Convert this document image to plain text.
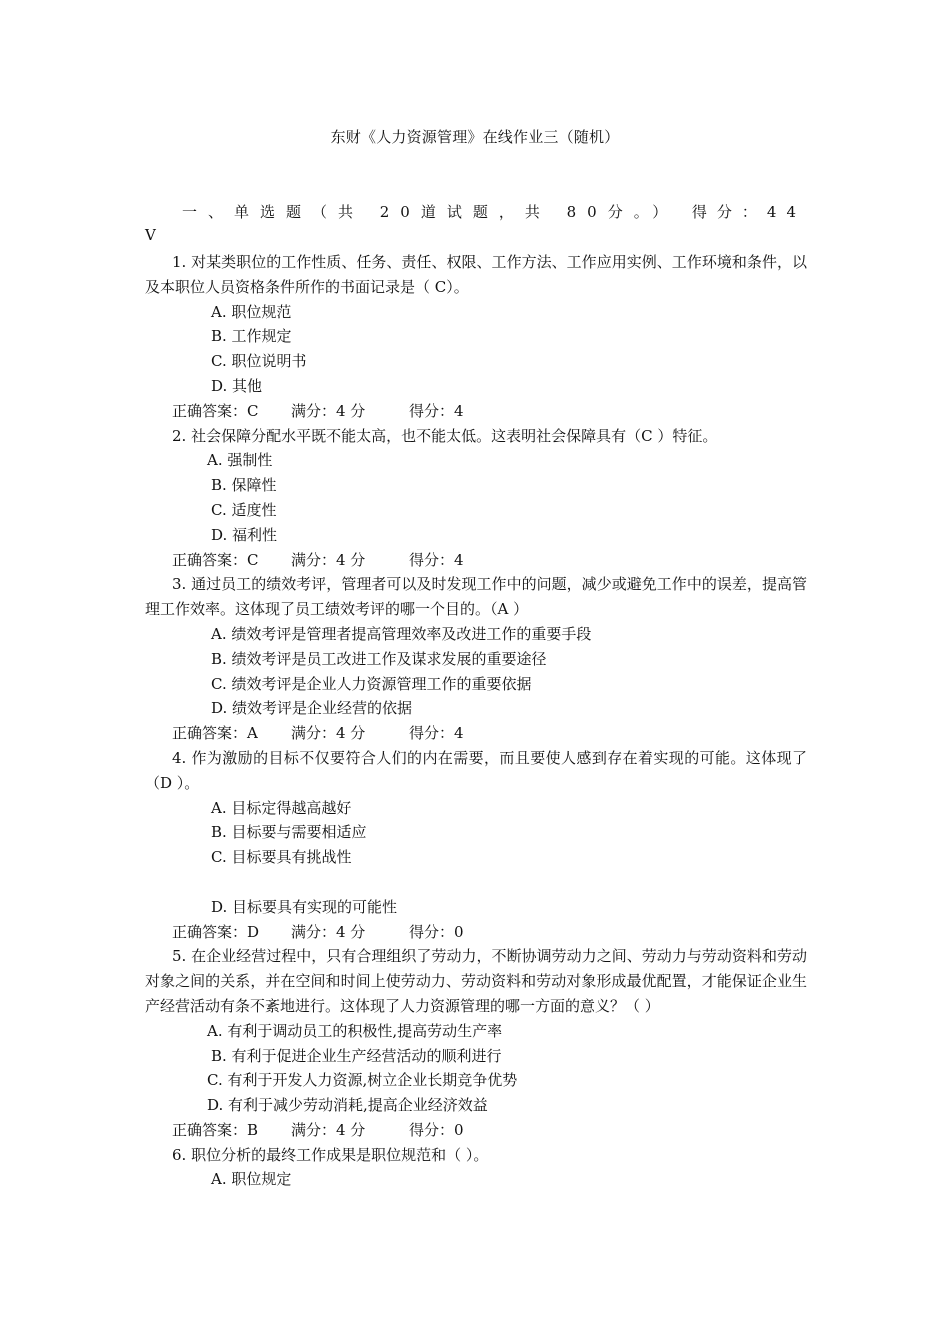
东财《人力资源管理》在线作业三（随机）
一、单选题（共 20道试题，共 80分。） 得分：44
V
1. 对某类职位的工作性质、任务、责任、权限、工作方法、工作应用实例、工作环境和条件，以及本职位人员资格条件所作的书面记录是（ C）。
A. 职位规范
B. 工作规定
C. 职位说明书
D. 其他
正确答案：C 满分：4 分	得分：4
2. 社会保障分配水平既不能太高，也不能太低。这表明社会保障具有（C ）特征。
A. 强制性
B. 保障性
C. 适度性
D. 福利性
正确答案：C 满分：4 分	得分：4
3. 通过员工的绩效考评，管理者可以及时发现工作中的问题，减少或避免工作中的误差，提高管理工作效率。这体现了员工绩效考评的哪一个目的。（A ）
A. 绩效考评是管理者提高管理效率及改进工作的重要手段
B. 绩效考评是员工改进工作及谋求发展的重要途径
C. 绩效考评是企业人力资源管理工作的重要依据
D. 绩效考评是企业经营的依据
正确答案：A 满分：4 分	得分：4
4. 作为激励的目标不仅要符合人们的内在需要，而且要使人感到存在着实现的可能。这体现了（D ）。
A. 目标定得越高越好
B. 目标要与需要相适应
C. 目标要具有挑战性
D. 目标要具有实现的可能性
正确答案：D 满分：4 分	得分：0
5. 在企业经营过程中，只有合理组织了劳动力，不断协调劳动力之间、劳动力与劳动资料和劳动对象之间的关系，并在空间和时间上使劳动力、劳动资料和劳动对象形成最优配置，才能保证企业生产经营活动有条不紊地进行。这体现了人力资源管理的哪一方面的意义？（ ）
A. 有利于调动员工的积极性,提高劳动生产率
B. 有利于促进企业生产经营活动的顺利进行
C. 有利于开发人力资源,树立企业长期竞争优势
D. 有利于减少劳动消耗,提高企业经济效益
正确答案：B 满分：4 分	得分：0
6. 职位分析的最终工作成果是职位规范和（ ）。
A. 职位规定
